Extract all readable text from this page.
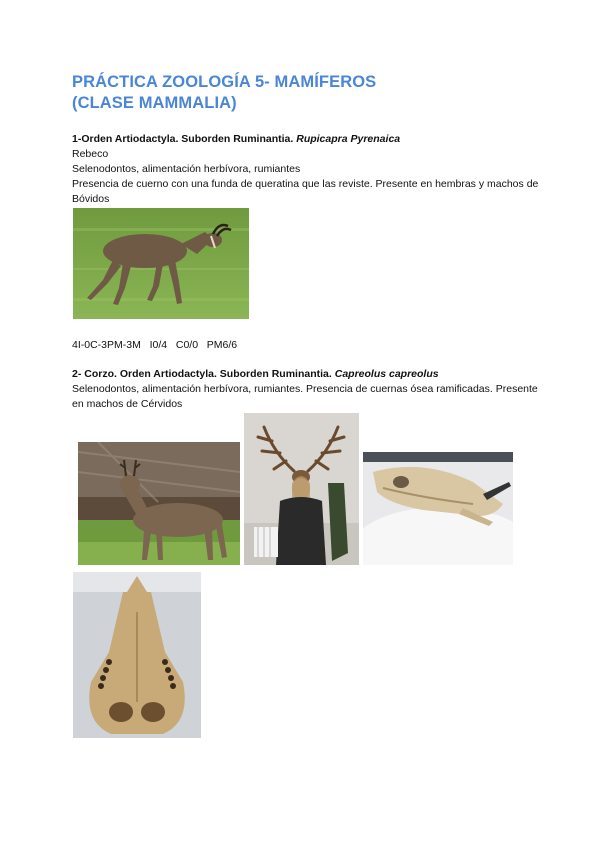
PRÁCTICA ZOOLOGÍA 5- MAMÍFEROS
(CLASE MAMMALIA)

1-Orden Artiodactyla. Suborden Ruminantia. Rupicapra Pyrenaica

Rebeco

Selenodontos, alimentación herbívora, rumiantes

Presencia de cuerno con una funda de queratina que las reviste. Presente en hembras y machos de Bóvidos

4I-0C-3PM-3M   I0/4   C0/0   PM6/6

2- Corzo. Orden Artiodactyla. Suborden Ruminantia. Capreolus capreolus

Selenodontos, alimentación herbívora, rumiantes. Presencia de cuernas ósea ramificadas. Presente en machos de Cérvidos
